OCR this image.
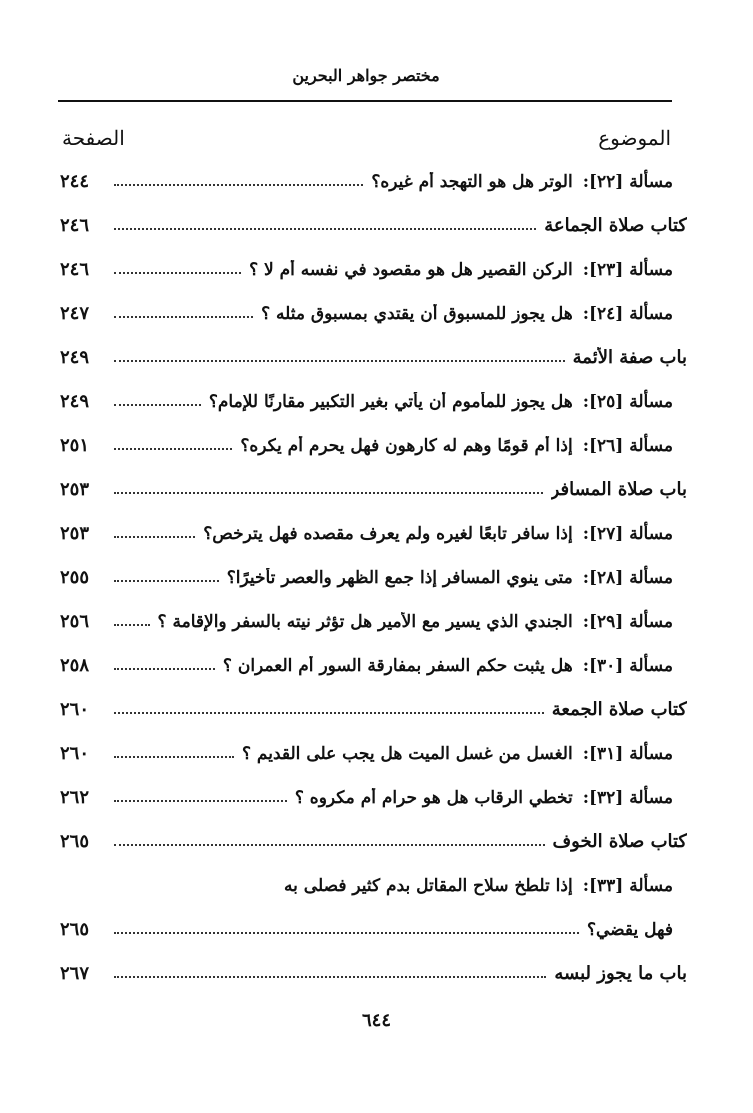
مختصر جواهر البحرين
الموضوع
الصفحة
مسألة [٢٢]
:
الوتر هل هو التهجد أم غيره؟
٢٤٤
كتاب صلاة الجماعة
٢٤٦
مسألة [٢٣]
:
الركن القصير هل هو مقصود في نفسه أم لا ؟
٢٤٦
مسألة [٢٤]
:
هل يجوز للمسبوق أن يقتدي بمسبوق مثله ؟
٢٤٧
باب صفة الأئمة
٢٤٩
مسألة [٢٥]
:
هل يجوز للمأموم أن يأتي بغير التكبير مقارنًا للإمام؟
٢٤٩
مسألة [٢٦]
:
إذا أم قومًا وهم له كارهون فهل يحرم أم يكره؟
٢٥١
باب صلاة المسافر
٢٥٣
مسألة [٢٧]
:
إذا سافر تابعًا لغيره ولم يعرف مقصده فهل يترخص؟
٢٥٣
مسألة [٢٨]
:
متى ينوي المسافر إذا جمع الظهر والعصر تأخيرًا؟
٢٥٥
مسألة [٢٩]
:
الجندي الذي يسير مع الأمير هل تؤثر نيته بالسفر والإقامة ؟
٢٥٦
مسألة [٣٠]
:
هل يثبت حكم السفر بمفارقة السور أم العمران ؟
٢٥٨
كتاب صلاة الجمعة
٢٦٠
مسألة [٣١]
:
الغسل من غسل الميت هل يجب على القديم ؟
٢٦٠
مسألة [٣٢]
:
تخطي الرقاب هل هو حرام أم مكروه ؟
٢٦٢
كتاب صلاة الخوف
٢٦٥
مسألة [٣٣]
:
إذا تلطخ سلاح المقاتل بدم كثير فصلى به
فهل يقضي؟
٢٦٥
باب ما يجوز لبسه
٢٦٧
٦٤٤
